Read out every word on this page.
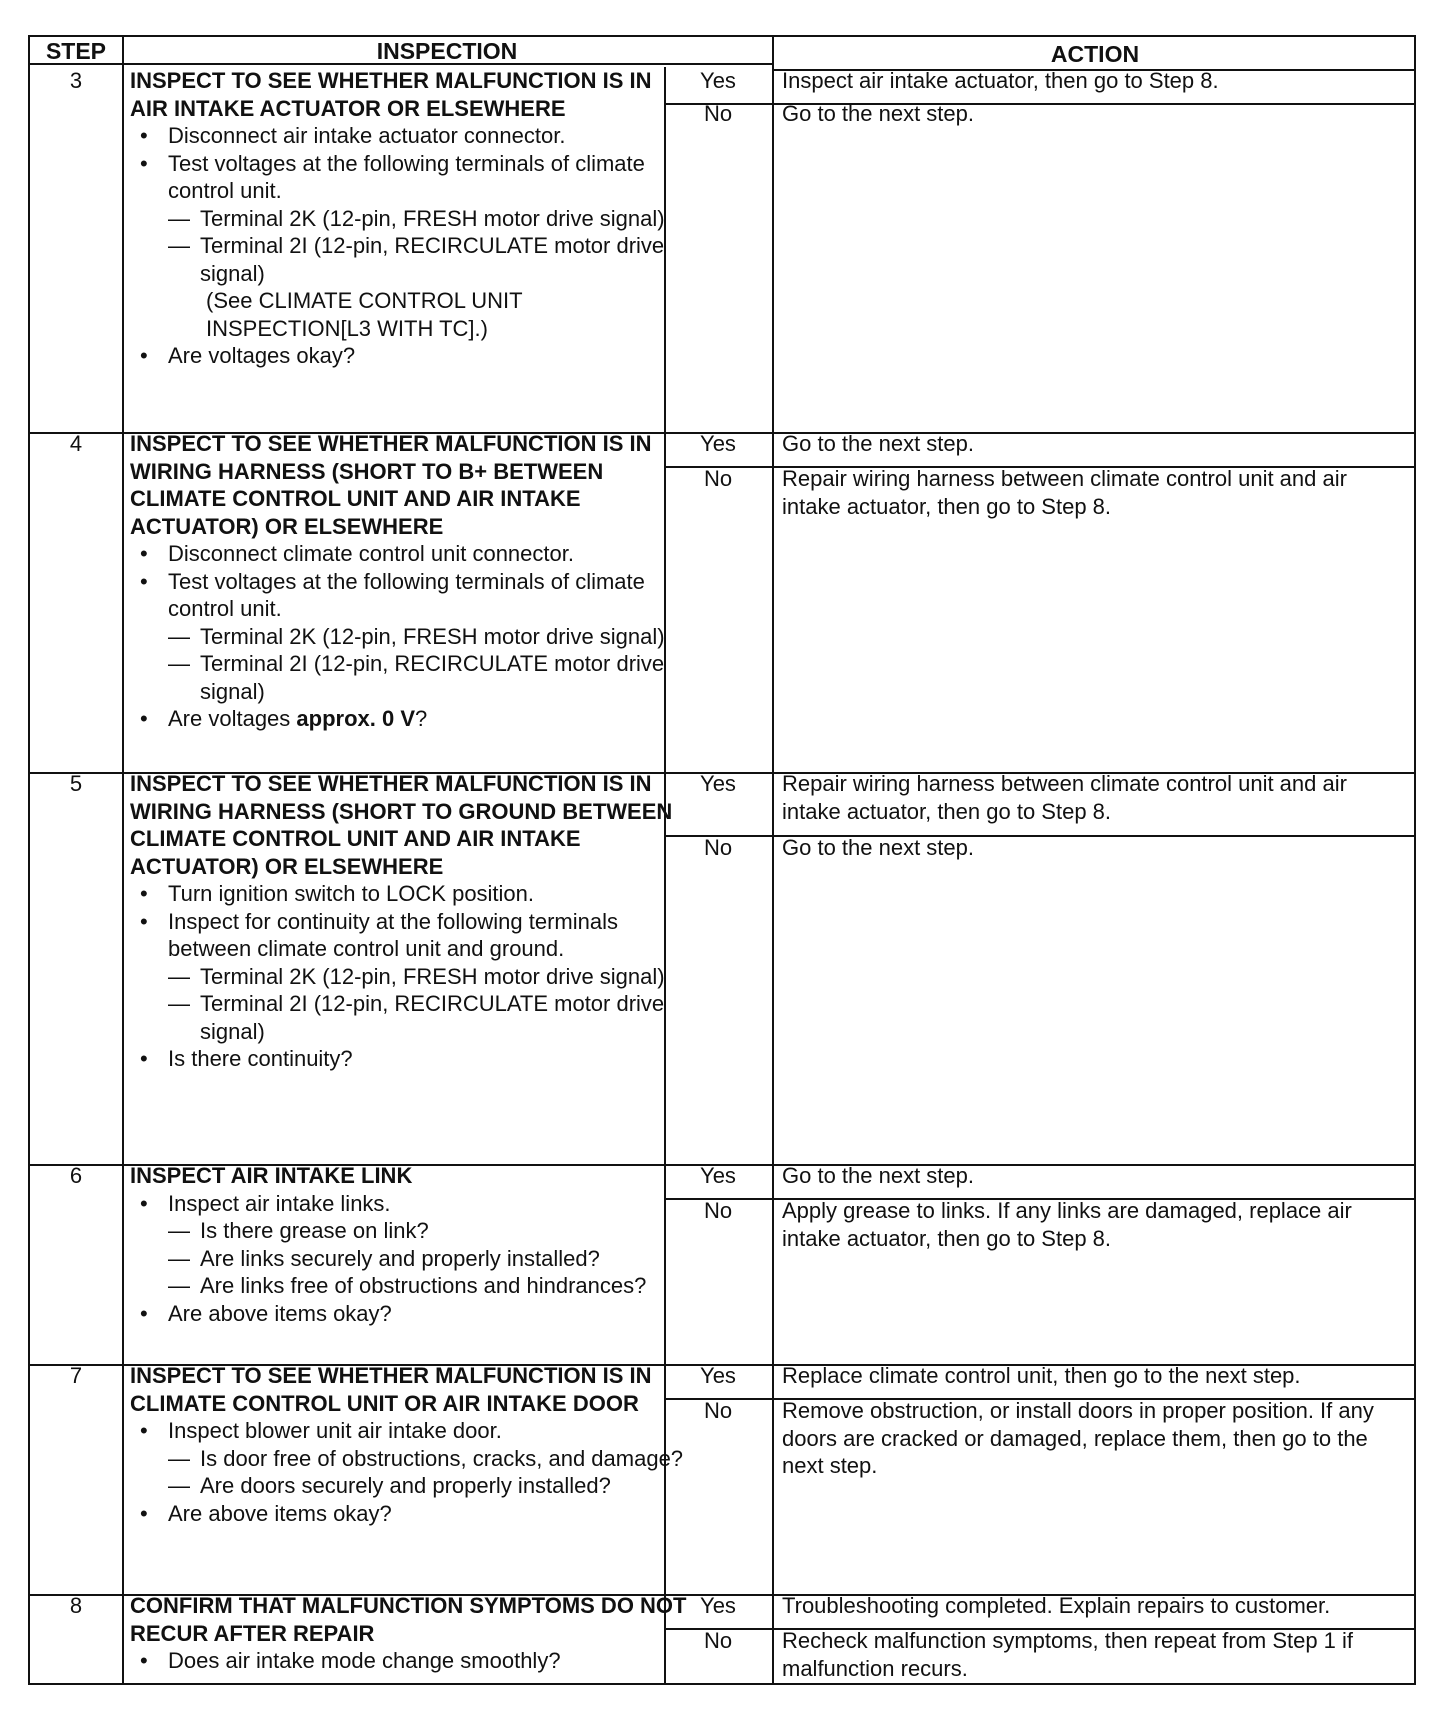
STEP	INSPECTION	ACTION
3	INSPECT TO SEE WHETHER MALFUNCTION IS IN AIR INTAKE ACTUATOR OR ELSEWHERE
• Disconnect air intake actuator connector.
• Test voltages at the following terminals of climate control unit.
— Terminal 2K (12-pin, FRESH motor drive signal)
— Terminal 2I (12-pin, RECIRCULATE motor drive signal)
(See CLIMATE CONTROL UNIT INSPECTION[L3 WITH TC].)
• Are voltages okay?
Yes	Inspect air intake actuator, then go to Step 8.
No	Go to the next step.
4	INSPECT TO SEE WHETHER MALFUNCTION IS IN WIRING HARNESS (SHORT TO B+ BETWEEN CLIMATE CONTROL UNIT AND AIR INTAKE ACTUATOR) OR ELSEWHERE
• Disconnect climate control unit connector.
• Test voltages at the following terminals of climate control unit.
— Terminal 2K (12-pin, FRESH motor drive signal)
— Terminal 2I (12-pin, RECIRCULATE motor drive signal)
• Are voltages approx. 0 V?
Yes	Go to the next step.
No	Repair wiring harness between climate control unit and air intake actuator, then go to Step 8.
5	INSPECT TO SEE WHETHER MALFUNCTION IS IN WIRING HARNESS (SHORT TO GROUND BETWEEN CLIMATE CONTROL UNIT AND AIR INTAKE ACTUATOR) OR ELSEWHERE
• Turn ignition switch to LOCK position.
• Inspect for continuity at the following terminals between climate control unit and ground.
— Terminal 2K (12-pin, FRESH motor drive signal)
— Terminal 2I (12-pin, RECIRCULATE motor drive signal)
• Is there continuity?
Yes	Repair wiring harness between climate control unit and air intake actuator, then go to Step 8.
No	Go to the next step.
6	INSPECT AIR INTAKE LINK
• Inspect air intake links.
— Is there grease on link?
— Are links securely and properly installed?
— Are links free of obstructions and hindrances?
• Are above items okay?
Yes	Go to the next step.
No	Apply grease to links. If any links are damaged, replace air intake actuator, then go to Step 8.
7	INSPECT TO SEE WHETHER MALFUNCTION IS IN CLIMATE CONTROL UNIT OR AIR INTAKE DOOR
• Inspect blower unit air intake door.
— Is door free of obstructions, cracks, and damage?
— Are doors securely and properly installed?
• Are above items okay?
Yes	Replace climate control unit, then go to the next step.
No	Remove obstruction, or install doors in proper position. If any doors are cracked or damaged, replace them, then go to the next step.
8	CONFIRM THAT MALFUNCTION SYMPTOMS DO NOT RECUR AFTER REPAIR
• Does air intake mode change smoothly?
Yes	Troubleshooting completed. Explain repairs to customer.
No	Recheck malfunction symptoms, then repeat from Step 1 if malfunction recurs.
